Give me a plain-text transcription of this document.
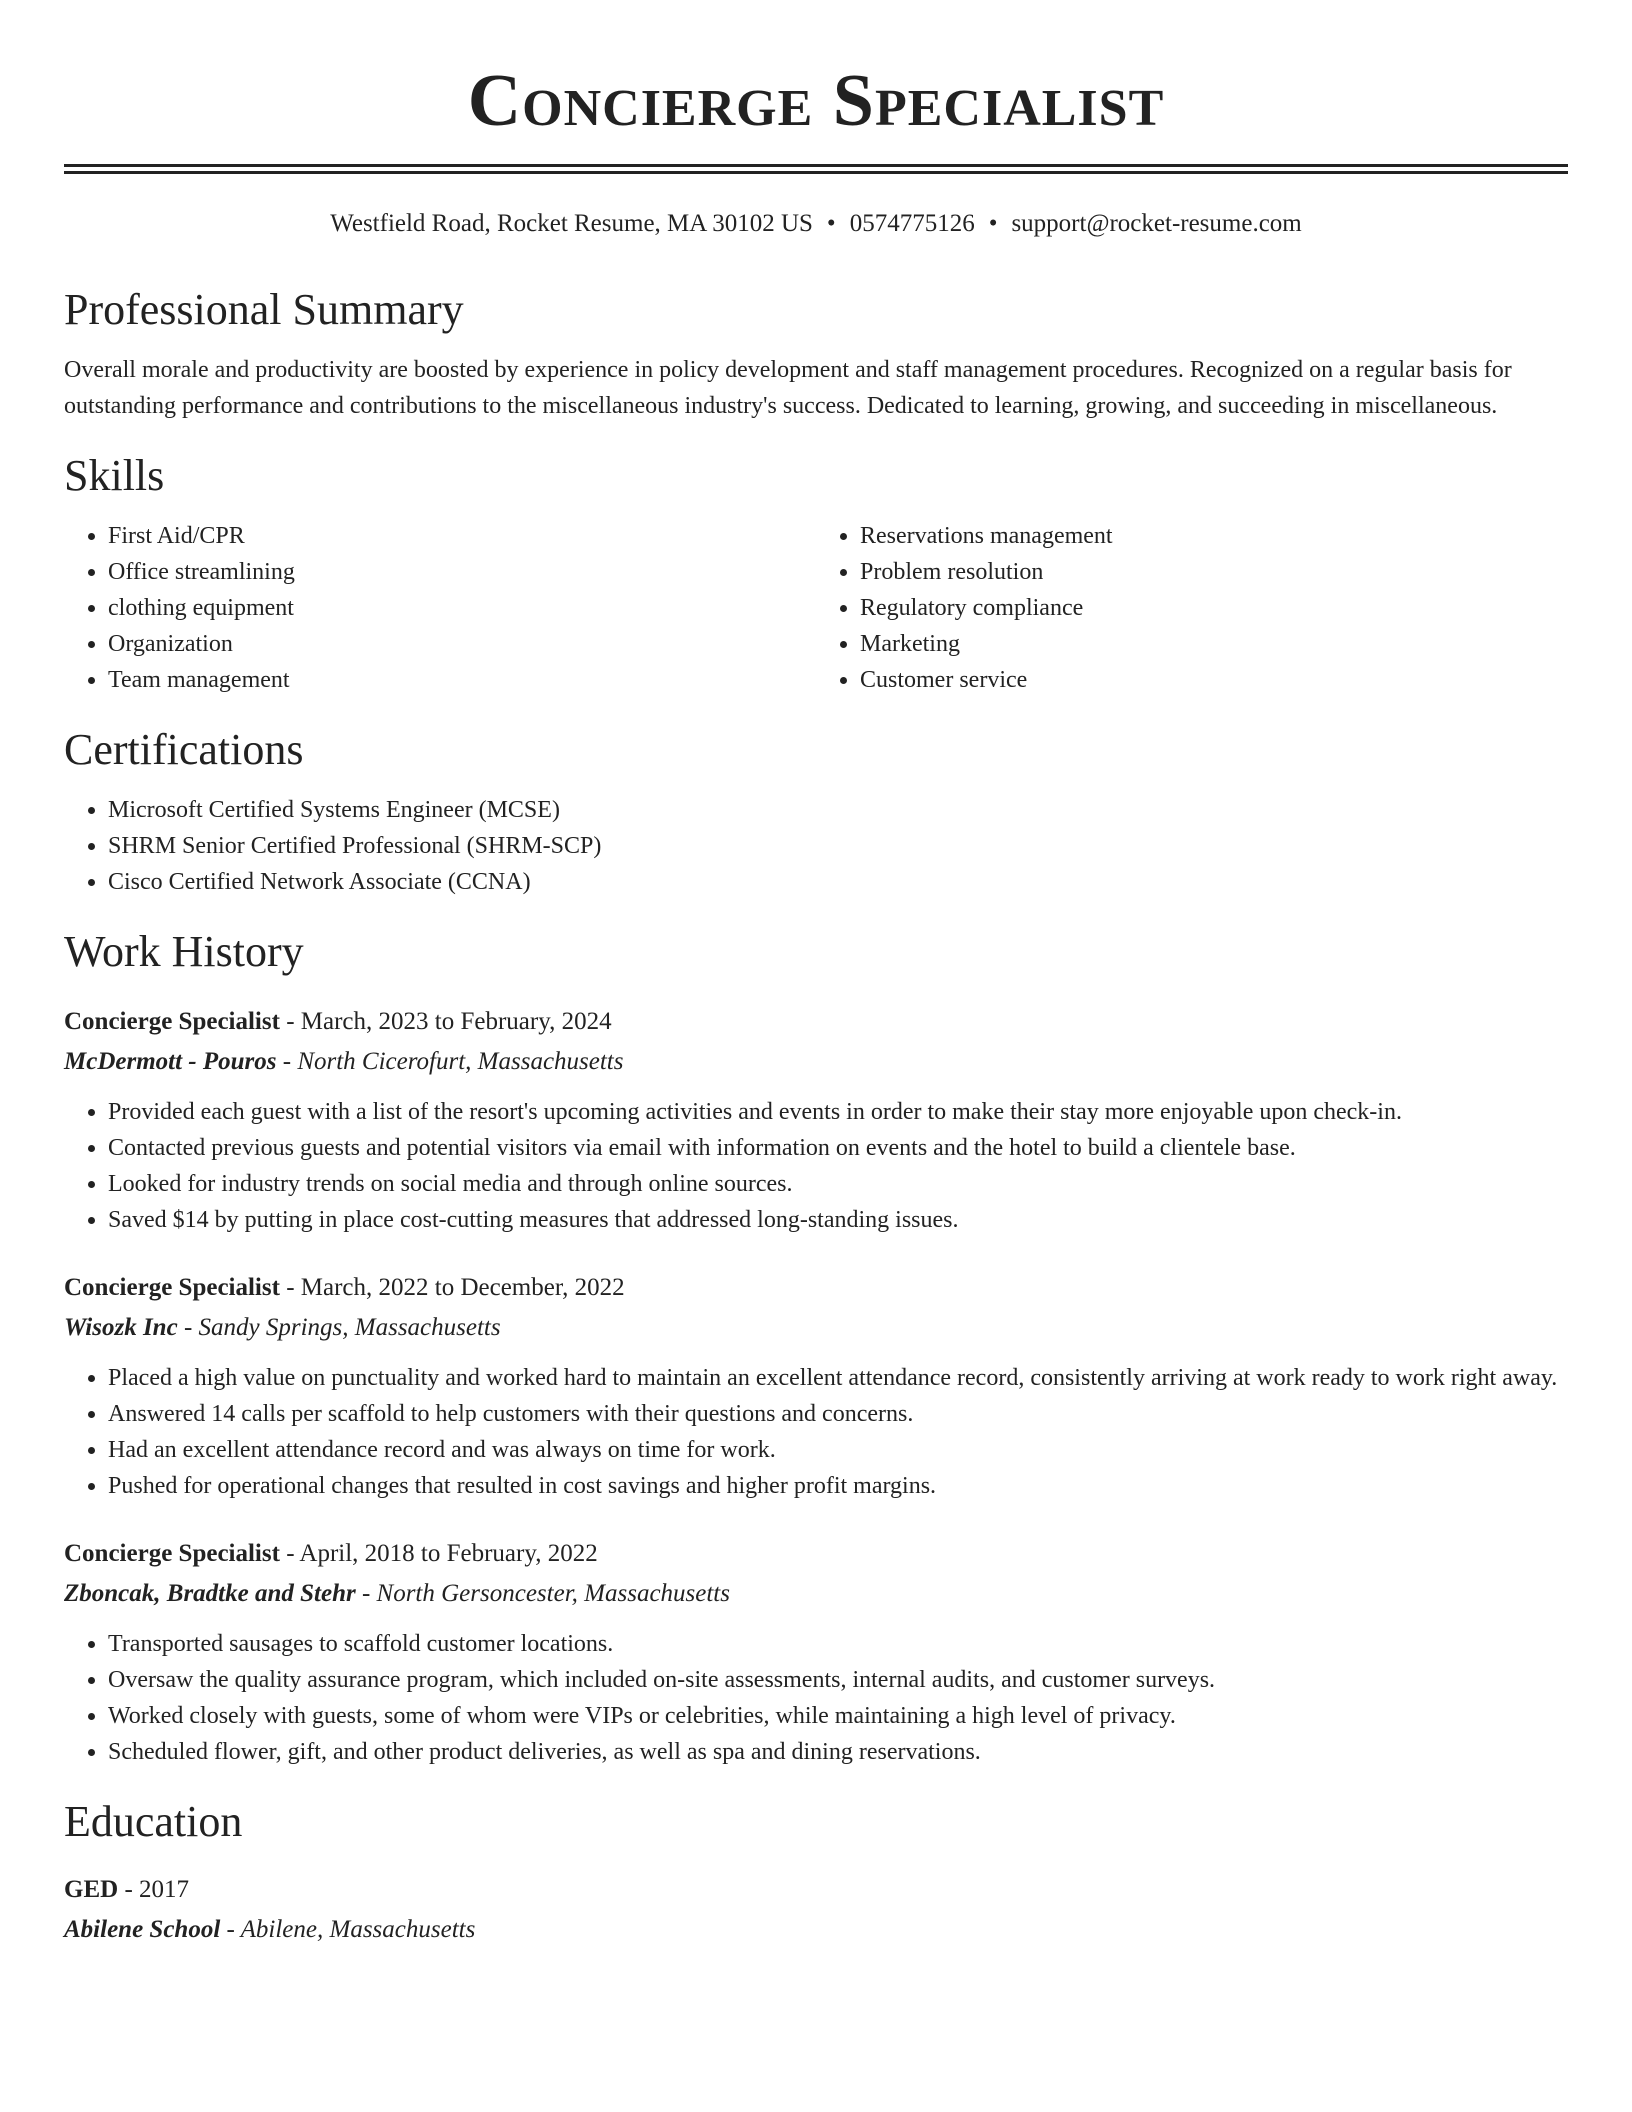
Concierge Specialist
Westfield Road, Rocket Resume, MA 30102 US • 0574775126 • support@rocket-resume.com
Professional Summary

Overall morale and productivity are boosted by experience in policy development and staff management procedures. Recognized on a regular basis for outstanding performance and contributions to the miscellaneous industry's success. Dedicated to learning, growing, and succeeding in miscellaneous.

Skills
• First Aid/CPR
• Office streamlining
• clothing equipment
• Organization
• Team management
• Reservations management
• Problem resolution
• Regulatory compliance
• Marketing
• Customer service
Certifications
• Microsoft Certified Systems Engineer (MCSE)
• SHRM Senior Certified Professional (SHRM-SCP)
• Cisco Certified Network Associate (CCNA)
Work History
Concierge Specialist - March, 2023 to February, 2024
McDermott - Pouros - North Cicerofurt, Massachusetts
• Provided each guest with a list of the resort's upcoming activities and events in order to make their stay more enjoyable upon check-in.
• Contacted previous guests and potential visitors via email with information on events and the hotel to build a clientele base.
• Looked for industry trends on social media and through online sources.
• Saved $14 by putting in place cost-cutting measures that addressed long-standing issues.
Concierge Specialist - March, 2022 to December, 2022
Wisozk Inc - Sandy Springs, Massachusetts
• Placed a high value on punctuality and worked hard to maintain an excellent attendance record, consistently arriving at work ready to work right away.
• Answered 14 calls per scaffold to help customers with their questions and concerns.
• Had an excellent attendance record and was always on time for work.
• Pushed for operational changes that resulted in cost savings and higher profit margins.
Concierge Specialist - April, 2018 to February, 2022
Zboncak, Bradtke and Stehr - North Gersoncester, Massachusetts
• Transported sausages to scaffold customer locations.
• Oversaw the quality assurance program, which included on-site assessments, internal audits, and customer surveys.
• Worked closely with guests, some of whom were VIPs or celebrities, while maintaining a high level of privacy.
• Scheduled flower, gift, and other product deliveries, as well as spa and dining reservations.
Education
GED - 2017
Abilene School - Abilene, Massachusetts
